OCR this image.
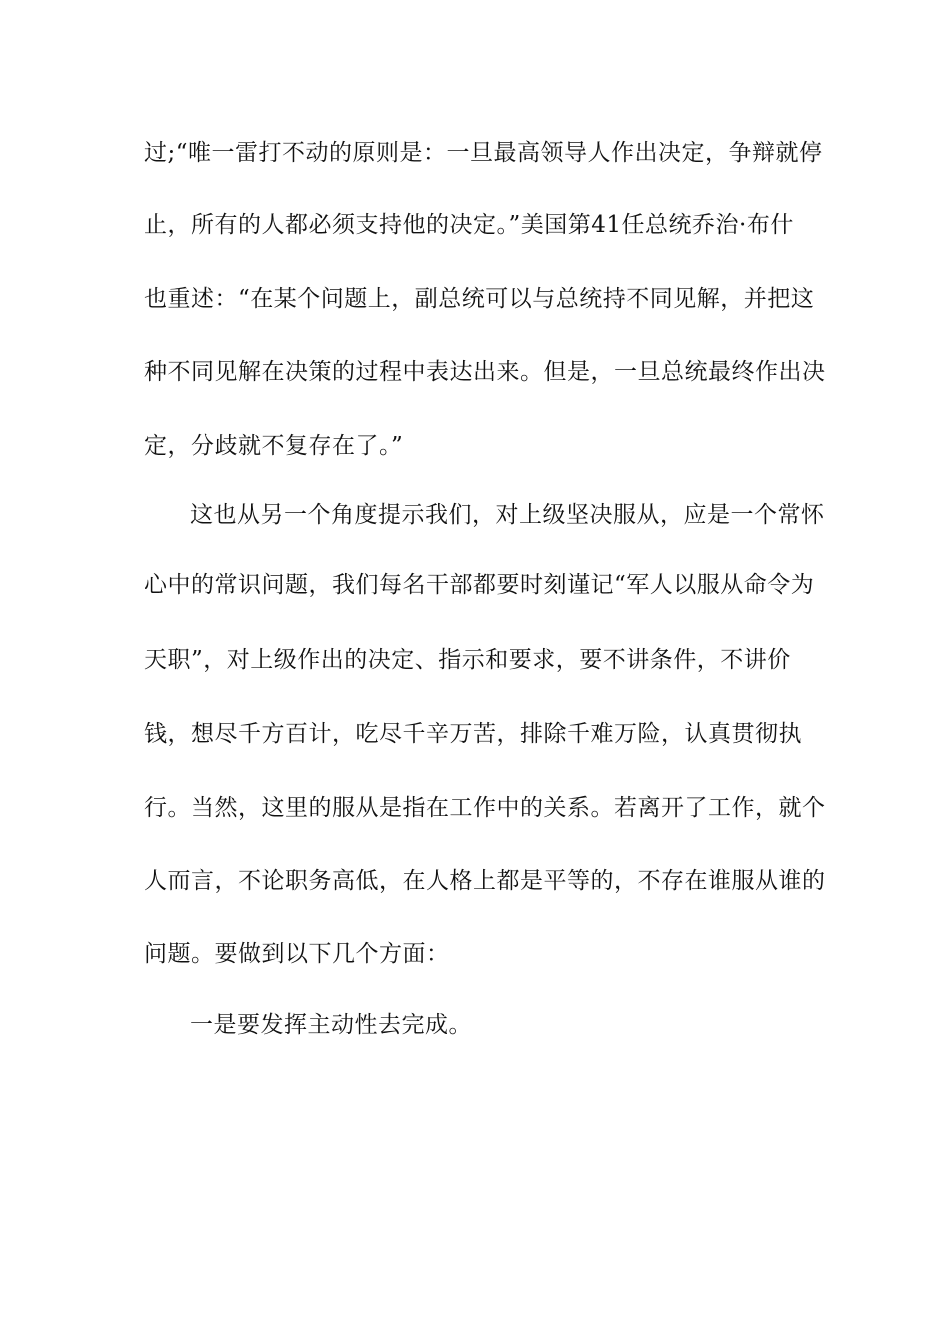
过;“唯一雷打不动的原则是：一旦最高领导人作出决定，争辩就停
止，所有的人都必须支持他的决定。”美国第41任总统乔治·布什
也重述：“在某个问题上，副总统可以与总统持不同见解，并把这
种不同见解在决策的过程中表达出来。但是，一旦总统最终作出决
定，分歧就不复存在了。”
这也从另一个角度提示我们，对上级坚决服从，应是一个常怀
心中的常识问题，我们每名干部都要时刻谨记“军人以服从命令为
天职”，对上级作出的决定、指示和要求，要不讲条件，不讲价
钱，想尽千方百计，吃尽千辛万苦，排除千难万险，认真贯彻执
行。当然，这里的服从是指在工作中的关系。若离开了工作，就个
人而言，不论职务高低，在人格上都是平等的，不存在谁服从谁的
问题。要做到以下几个方面：
一是要发挥主动性去完成。
